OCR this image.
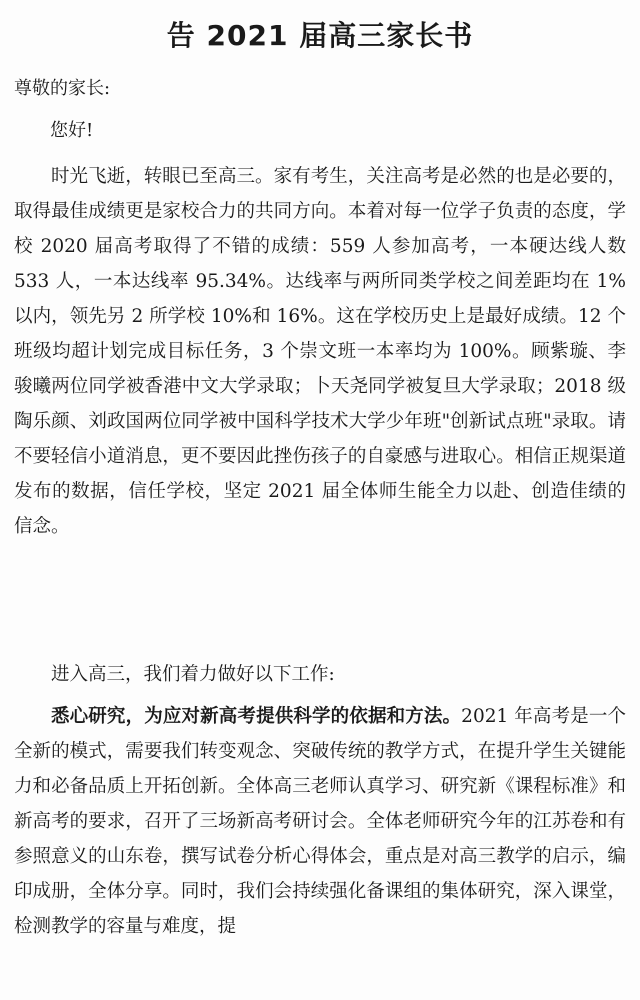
告 2021 届高三家长书
尊敬的家长:
您好!

时光飞逝，转眼已至高三。家有考生，关注高考是必然的也是必要的，取得最佳成绩更是家校合力的共同方向。本着对每一位学子负责的态度，学校 2020 届高考取得了不错的成绩：559 人参加高考，一本硬达线人数 533 人，一本达线率 95.34%。达线率与两所同类学校之间差距均在 1%以内，领先另 2 所学校 10%和 16%。这在学校历史上是最好成绩。12 个班级均超计划完成目标任务，3 个崇文班一本率均为 100%。顾紫璇、李骏曦两位同学被香港中文大学录取；卜天尧同学被复旦大学录取；2018 级陶乐颜、刘政国两位同学被中国科学技术大学少年班"创新试点班"录取。请不要轻信小道消息，更不要因此挫伤孩子的自豪感与进取心。相信正规渠道发布的数据，信任学校，坚定 2021 届全体师生能全力以赴、创造佳绩的信念。

进入高三，我们着力做好以下工作:

悉心研究，为应对新高考提供科学的依据和方法。2021 年高考是一个全新的模式，需要我们转变观念、突破传统的教学方式，在提升学生关键能力和必备品质上开拓创新。全体高三老师认真学习、研究新《课程标准》和新高考的要求，召开了三场新高考研讨会。全体老师研究今年的江苏卷和有参照意义的山东卷，撰写试卷分析心得体会，重点是对高三教学的启示，编印成册，全体分享。同时，我们会持续强化备课组的集体研究，深入课堂，检测教学的容量与难度，提
